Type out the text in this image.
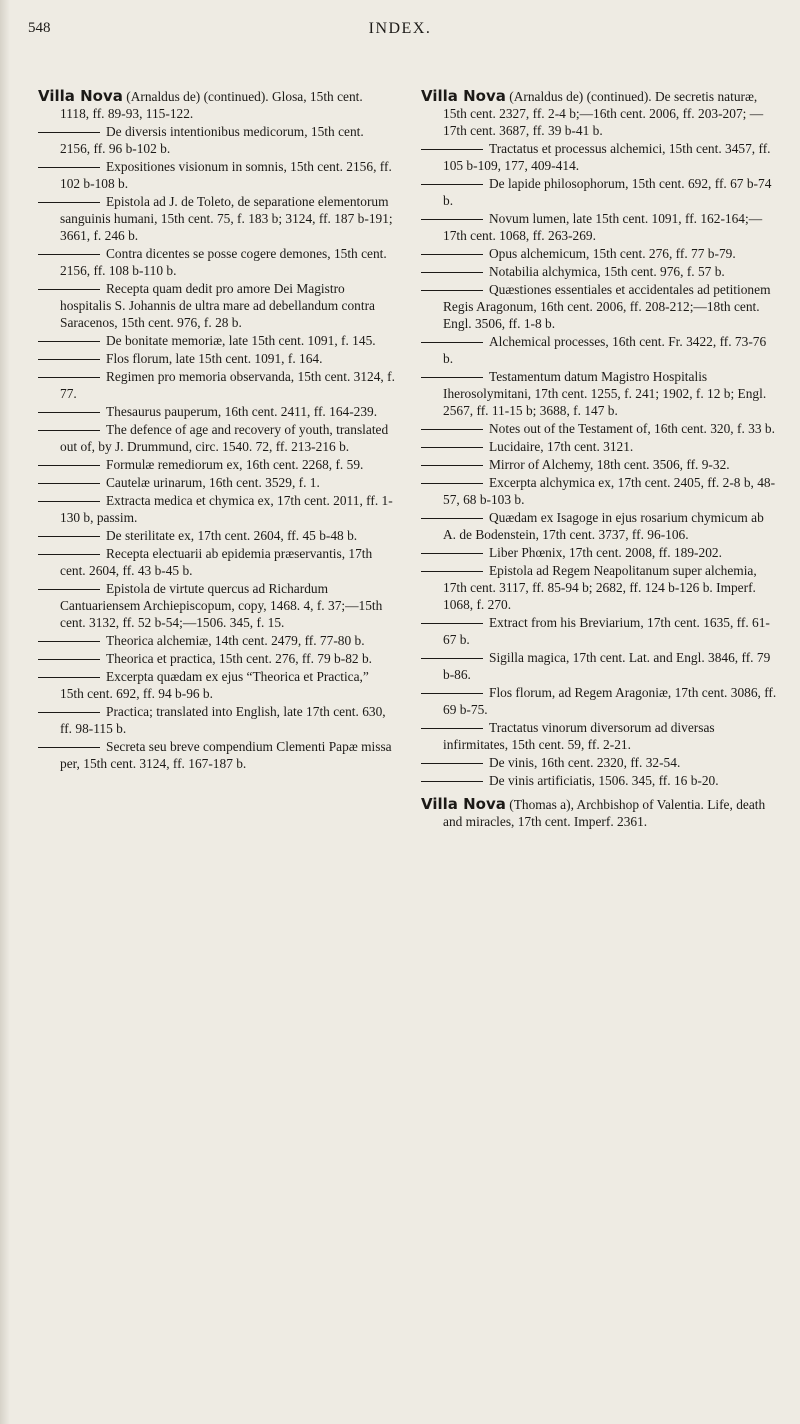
548	INDEX.
Villa Nova (Arnaldus de) (continued). Glosa, 15th cent. 1118, ff. 89-93, 115-122.
De diversis intentionibus medicorum, 15th cent. 2156, ff. 96 b-102 b.
Expositiones visionum in somnis, 15th cent. 2156, ff. 102 b-108 b.
Epistola ad J. de Toleto, de separatione elementorum sanguinis humani, 15th cent. 75, f. 183 b; 3124, ff. 187 b-191; 3661, f. 246 b.
Contra dicentes se posse cogere demones, 15th cent. 2156, ff. 108 b-110 b.
Recepta quam dedit pro amore Dei Magistro hospitalis S. Johannis de ultra mare ad debellandum contra Saracenos, 15th cent. 976, f. 28 b.
De bonitate memoriæ, late 15th cent. 1091, f. 145.
Flos florum, late 15th cent. 1091, f. 164.
Regimen pro memoria observanda, 15th cent. 3124, f. 77.
Thesaurus pauperum, 16th cent. 2411, ff. 164-239.
The defence of age and recovery of youth, translated out of, by J. Drummund, circ. 1540. 72, ff. 213-216 b.
Formulæ remediorum ex, 16th cent. 2268, f. 59.
Cautelæ urinarum, 16th cent. 3529, f. 1.
Extracta medica et chymica ex, 17th cent. 2011, ff. 1-130 b, passim.
De sterilitate ex, 17th cent. 2604, ff. 45 b-48 b.
Recepta electuarii ab epidemia præservantis, 17th cent. 2604, ff. 43 b-45 b.
Epistola de virtute quercus ad Richardum Cantuariensem Archiepiscopum, copy, 1468. 4, f. 37;—15th cent. 3132, ff. 52 b-54;—1506. 345, f. 15.
Theorica alchemiæ, 14th cent. 2479, ff. 77-80 b.
Theorica et practica, 15th cent. 276, ff. 79 b-82 b.
Excerpta quædam ex ejus “Theorica et Practica,” 15th cent. 692, ff. 94 b-96 b.
Practica; translated into English, late 17th cent. 630, ff. 98-115 b.
Secreta seu breve compendium Clementi Papæ missa per, 15th cent. 3124, ff. 167-187 b.
Villa Nova (Arnaldus de) (continued). De secretis naturæ, 15th cent. 2327, ff. 2-4 b;—16th cent. 2006, ff. 203-207; —17th cent. 3687, ff. 39 b-41 b.
Tractatus et processus alchemici, 15th cent. 3457, ff. 105 b-109, 177, 409-414.
De lapide philosophorum, 15th cent. 692, ff. 67 b-74 b.
Novum lumen, late 15th cent. 1091, ff. 162-164;—17th cent. 1068, ff. 263-269.
Opus alchemicum, 15th cent. 276, ff. 77 b-79.
Notabilia alchymica, 15th cent. 976, f. 57 b.
Quæstiones essentiales et accidentales ad petitionem Regis Aragonum, 16th cent. 2006, ff. 208-212;—18th cent. Engl. 3506, ff. 1-8 b.
Alchemical processes, 16th cent. Fr. 3422, ff. 73-76 b.
Testamentum datum Magistro Hospitalis Iherosolymitani, 17th cent. 1255, f. 241; 1902, f. 12 b; Engl. 2567, ff. 11-15 b; 3688, f. 147 b.
Notes out of the Testament of, 16th cent. 320, f. 33 b.
Lucidaire, 17th cent. 3121.
Mirror of Alchemy, 18th cent. 3506, ff. 9-32.
Excerpta alchymica ex, 17th cent. 2405, ff. 2-8 b, 48-57, 68 b-103 b.
Quædam ex Isagoge in ejus rosarium chymicum ab A. de Bodenstein, 17th cent. 3737, ff. 96-106.
Liber Phœnix, 17th cent. 2008, ff. 189-202.
Epistola ad Regem Neapolitanum super alchemia, 17th cent. 3117, ff. 85-94 b; 2682, ff. 124 b-126 b. Imperf. 1068, f. 270.
Extract from his Breviarium, 17th cent. 1635, ff. 61-67 b.
Sigilla magica, 17th cent. Lat. and Engl. 3846, ff. 79 b-86.
Flos florum, ad Regem Aragoniæ, 17th cent. 3086, ff. 69 b-75.
Tractatus vinorum diversorum ad diversas infirmitates, 15th cent. 59, ff. 2-21.
De vinis, 16th cent. 2320, ff. 32-54.
De vinis artificiatis, 1506. 345, ff. 16 b-20.
Villa Nova (Thomas a), Archbishop of Valentia. Life, death and miracles, 17th cent. Imperf. 2361.
